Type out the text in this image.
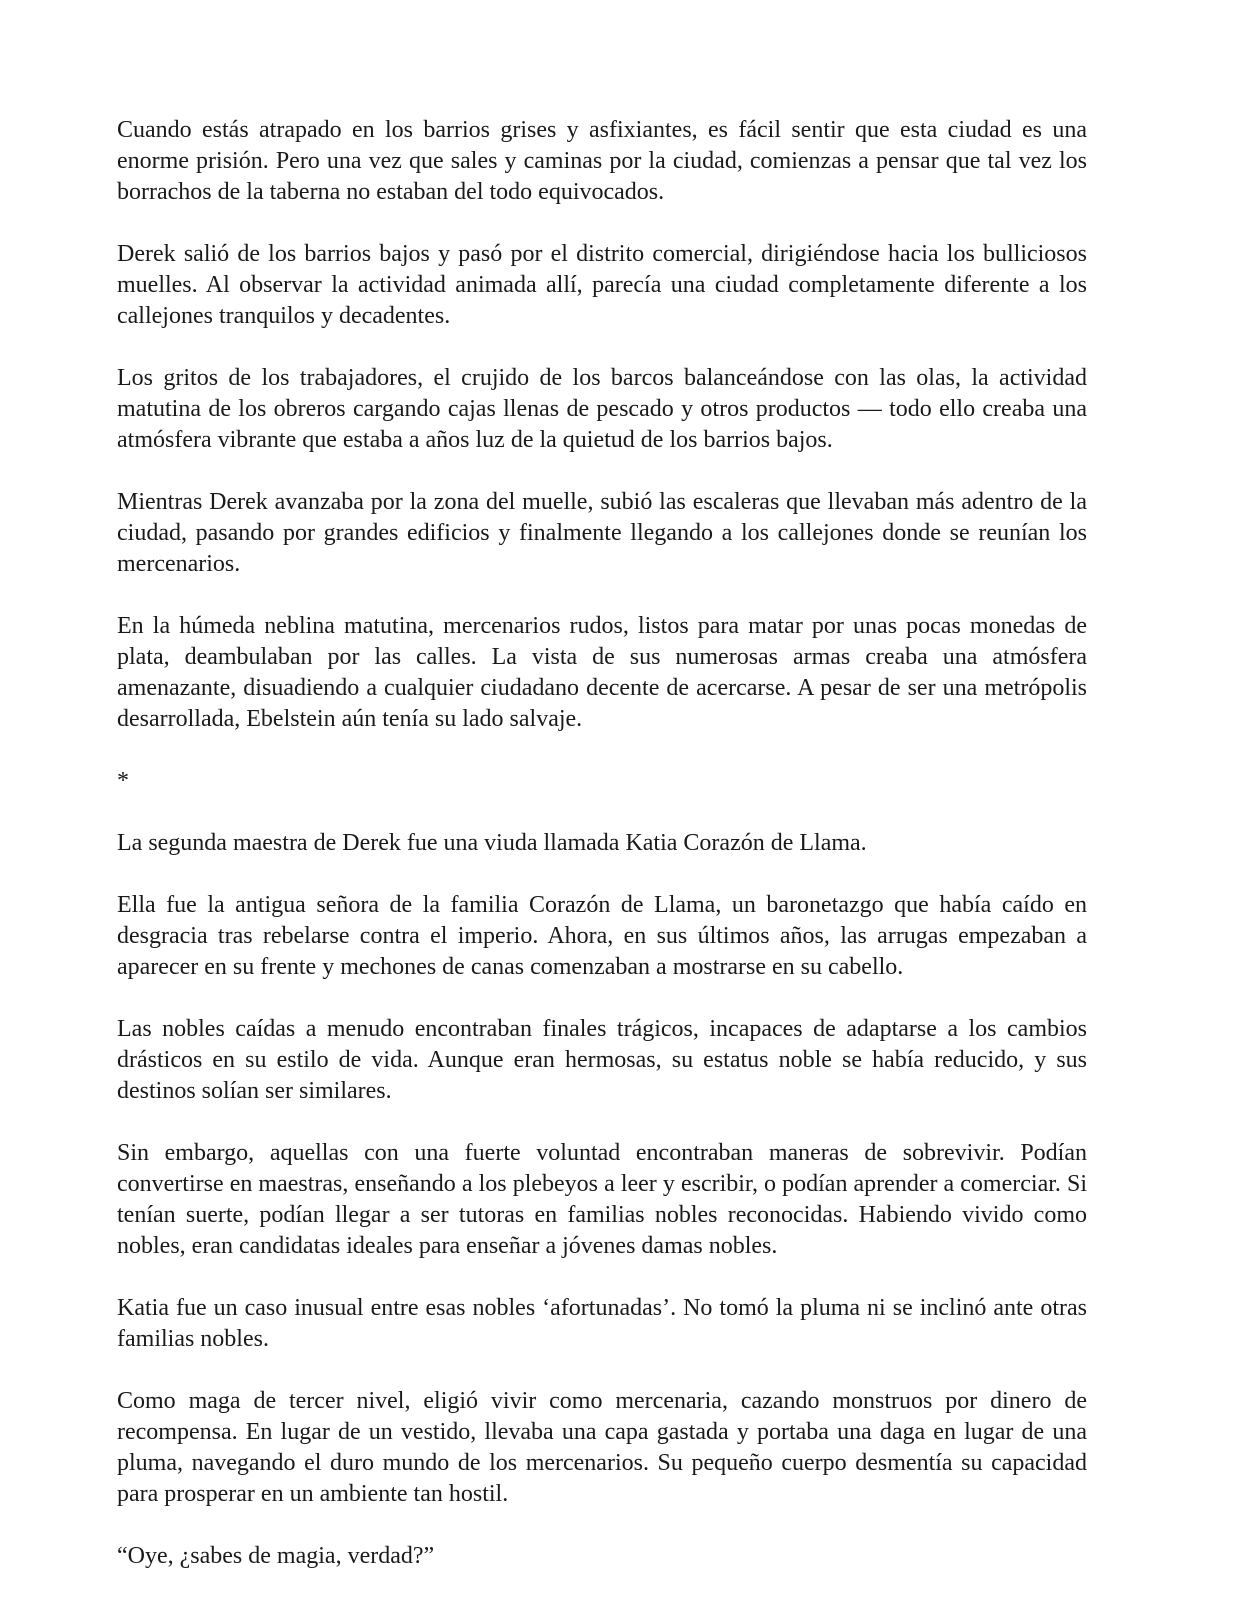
Cuando estás atrapado en los barrios grises y asfixiantes, es fácil sentir que esta ciudad es una enorme prisión. Pero una vez que sales y caminas por la ciudad, comienzas a pensar que tal vez los borrachos de la taberna no estaban del todo equivocados.

Derek salió de los barrios bajos y pasó por el distrito comercial, dirigiéndose hacia los bulliciosos muelles. Al observar la actividad animada allí, parecía una ciudad completamente diferente a los callejones tranquilos y decadentes.

Los gritos de los trabajadores, el crujido de los barcos balanceándose con las olas, la actividad matutina de los obreros cargando cajas llenas de pescado y otros productos — todo ello creaba una atmósfera vibrante que estaba a años luz de la quietud de los barrios bajos.

Mientras Derek avanzaba por la zona del muelle, subió las escaleras que llevaban más adentro de la ciudad, pasando por grandes edificios y finalmente llegando a los callejones donde se reunían los mercenarios.

En la húmeda neblina matutina, mercenarios rudos, listos para matar por unas pocas monedas de plata, deambulaban por las calles. La vista de sus numerosas armas creaba una atmósfera amenazante, disuadiendo a cualquier ciudadano decente de acercarse. A pesar de ser una metrópolis desarrollada, Ebelstein aún tenía su lado salvaje.

*

La segunda maestra de Derek fue una viuda llamada Katia Corazón de Llama.

Ella fue la antigua señora de la familia Corazón de Llama, un baronetazgo que había caído en desgracia tras rebelarse contra el imperio. Ahora, en sus últimos años, las arrugas empezaban a aparecer en su frente y mechones de canas comenzaban a mostrarse en su cabello.

Las nobles caídas a menudo encontraban finales trágicos, incapaces de adaptarse a los cambios drásticos en su estilo de vida. Aunque eran hermosas, su estatus noble se había reducido, y sus destinos solían ser similares.

Sin embargo, aquellas con una fuerte voluntad encontraban maneras de sobrevivir. Podían convertirse en maestras, enseñando a los plebeyos a leer y escribir, o podían aprender a comerciar. Si tenían suerte, podían llegar a ser tutoras en familias nobles reconocidas. Habiendo vivido como nobles, eran candidatas ideales para enseñar a jóvenes damas nobles.

Katia fue un caso inusual entre esas nobles ‘afortunadas’. No tomó la pluma ni se inclinó ante otras familias nobles.

Como maga de tercer nivel, eligió vivir como mercenaria, cazando monstruos por dinero de recompensa. En lugar de un vestido, llevaba una capa gastada y portaba una daga en lugar de una pluma, navegando el duro mundo de los mercenarios. Su pequeño cuerpo desmentía su capacidad para prosperar en un ambiente tan hostil.

“Oye, ¿sabes de magia, verdad?”
